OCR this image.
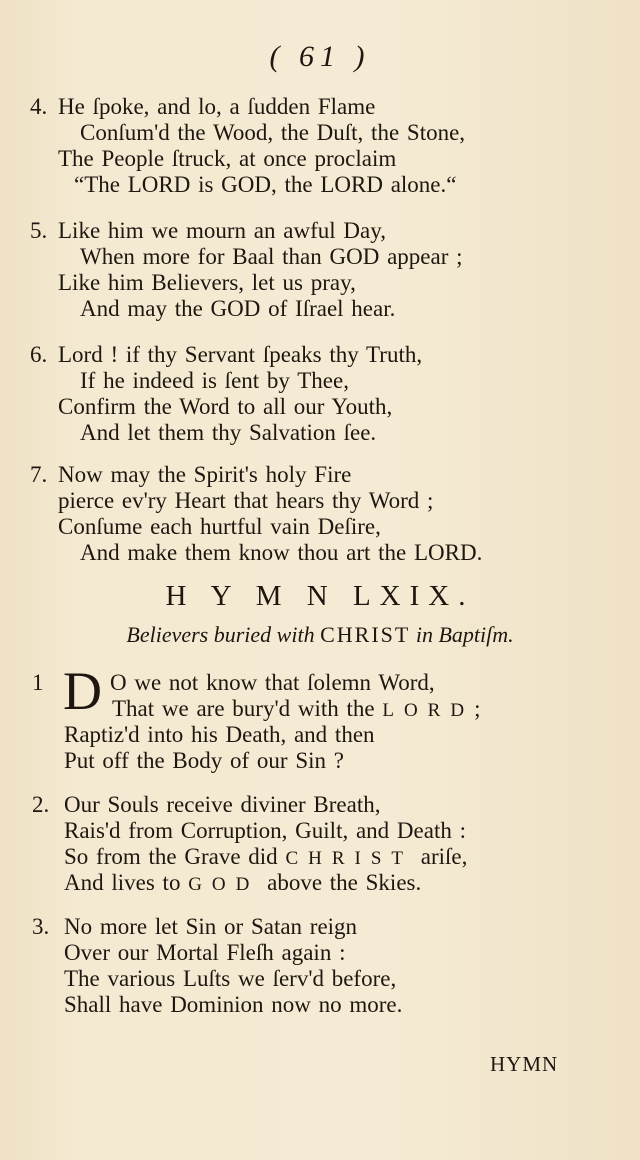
( 61 )
4. He ſpoke, and lo, a ſudden Flame
Conſum'd the Wood, the Duſt, the Stone,
The People ſtruck, at once proclaim
“The LORD is GOD, the LORD alone.“
5. Like him we mourn an awful Day,
When more for Baal than GOD appear ;
Like him Believers, let us pray,
And may the GOD of Iſrael hear.
6. Lord ! if thy Servant ſpeaks thy Truth,
If he indeed is ſent by Thee,
Confirm the Word to all our Youth,
And let them thy Salvation ſee.
7. Now may the Spirit's holy Fire
pierce ev'ry Heart that hears thy Word ;
Conſume each hurtful vain Deſire,
And make them know thou art the LORD.
H Y M N LXIX.
Believers buried with CHRIST in Baptiſm.
1 D O we not know that ſolemn Word,
That we are bury'd with the LORD;
Raptiz'd into his Death, and then
Put off the Body of our Sin ?
2. Our Souls receive diviner Breath,
Rais'd from Corruption, Guilt, and Death :
So from the Grave did CHRIST ariſe,
And lives to GOD above the Skies.
3. No more let Sin or Satan reign
Over our Mortal Fleſh again :
The various Luſts we ſerv'd before,
Shall have Dominion now no more.
HYMN
